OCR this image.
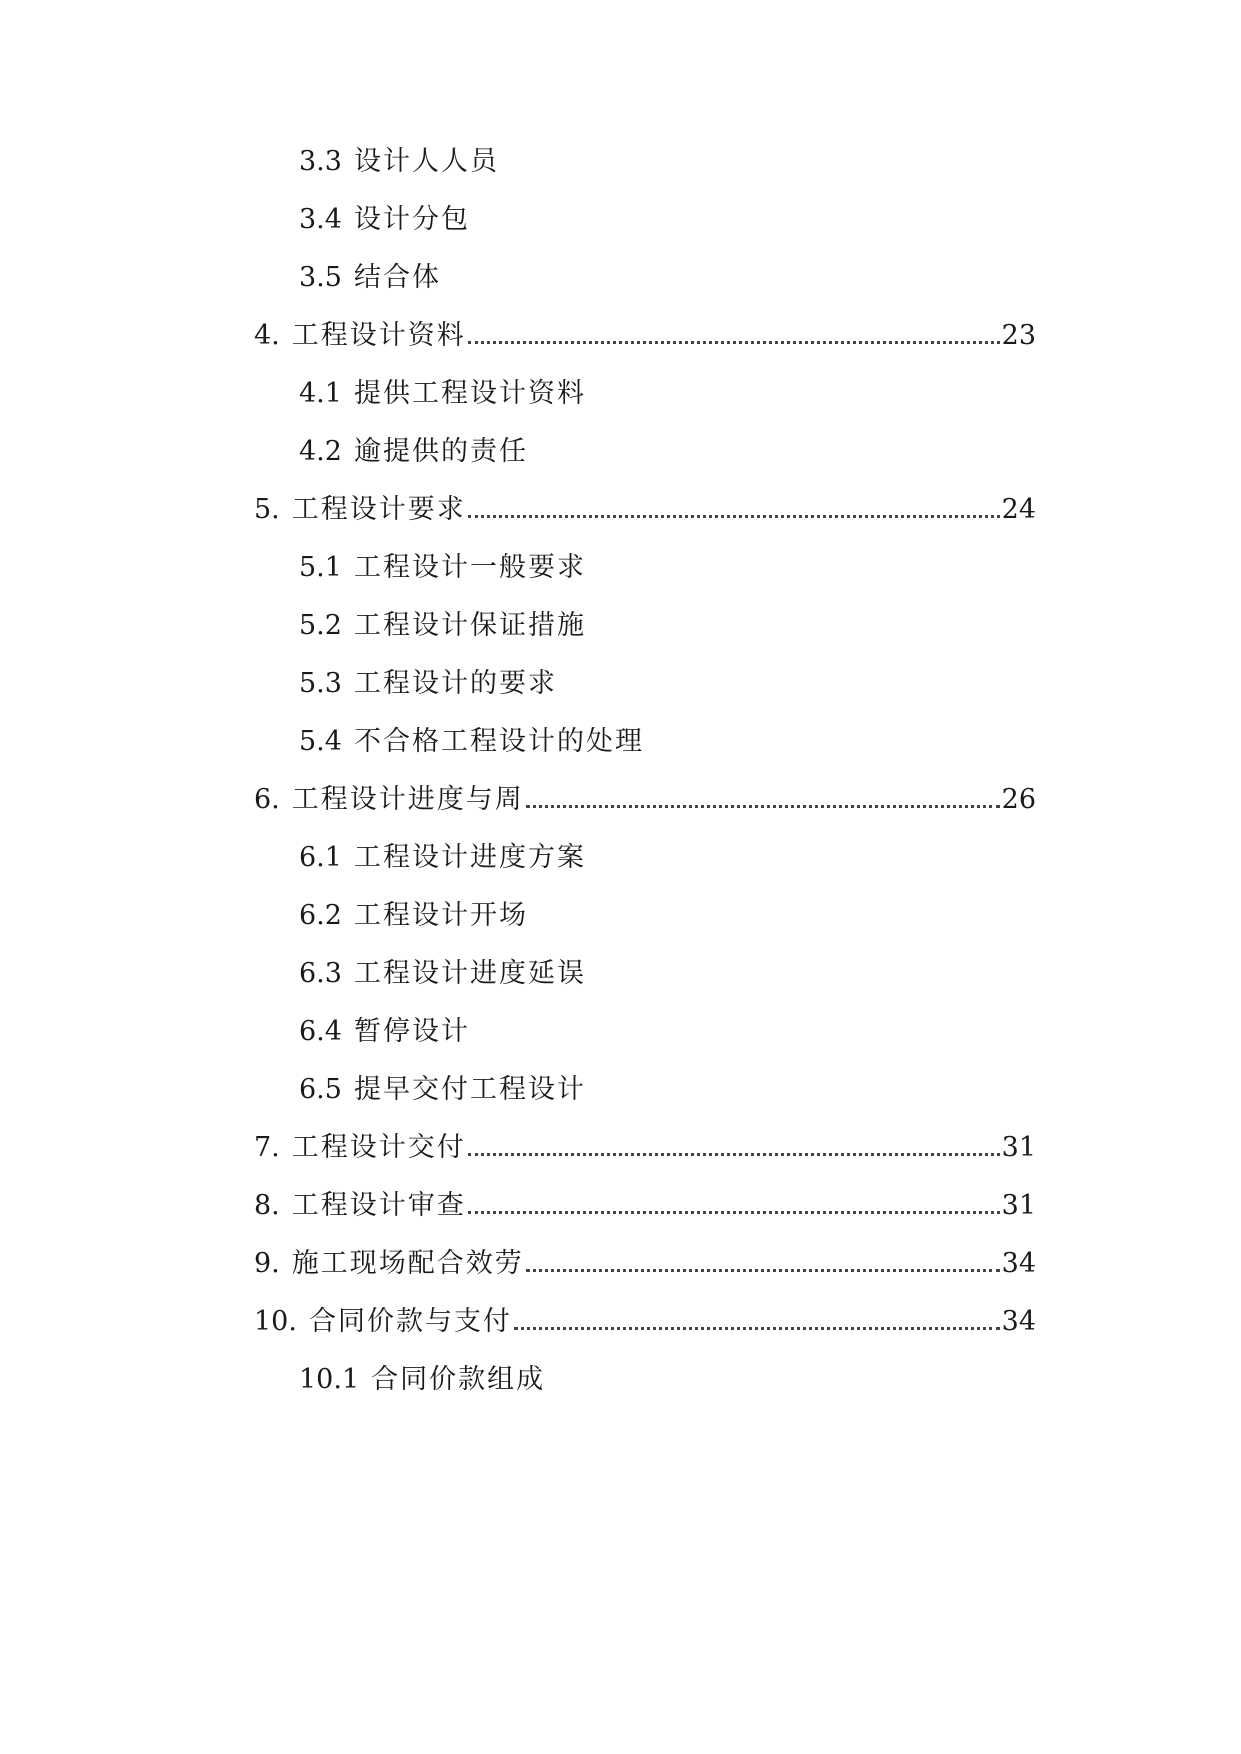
3.3 设计人人员
3.4 设计分包
3.5 结合体
4. 工程设计资料	23
4.1 提供工程设计资料
4.2 逾提供的责任
5. 工程设计要求	24
5.1 工程设计一般要求
5.2 工程设计保证措施
5.3 工程设计的要求
5.4 不合格工程设计的处理
6. 工程设计进度与周	26
6.1 工程设计进度方案
6.2 工程设计开场
6.3 工程设计进度延误
6.4 暂停设计
6.5 提早交付工程设计
7. 工程设计交付	31
8. 工程设计审查	31
9. 施工现场配合效劳	34
10. 合同价款与支付	34
10.1 合同价款组成
